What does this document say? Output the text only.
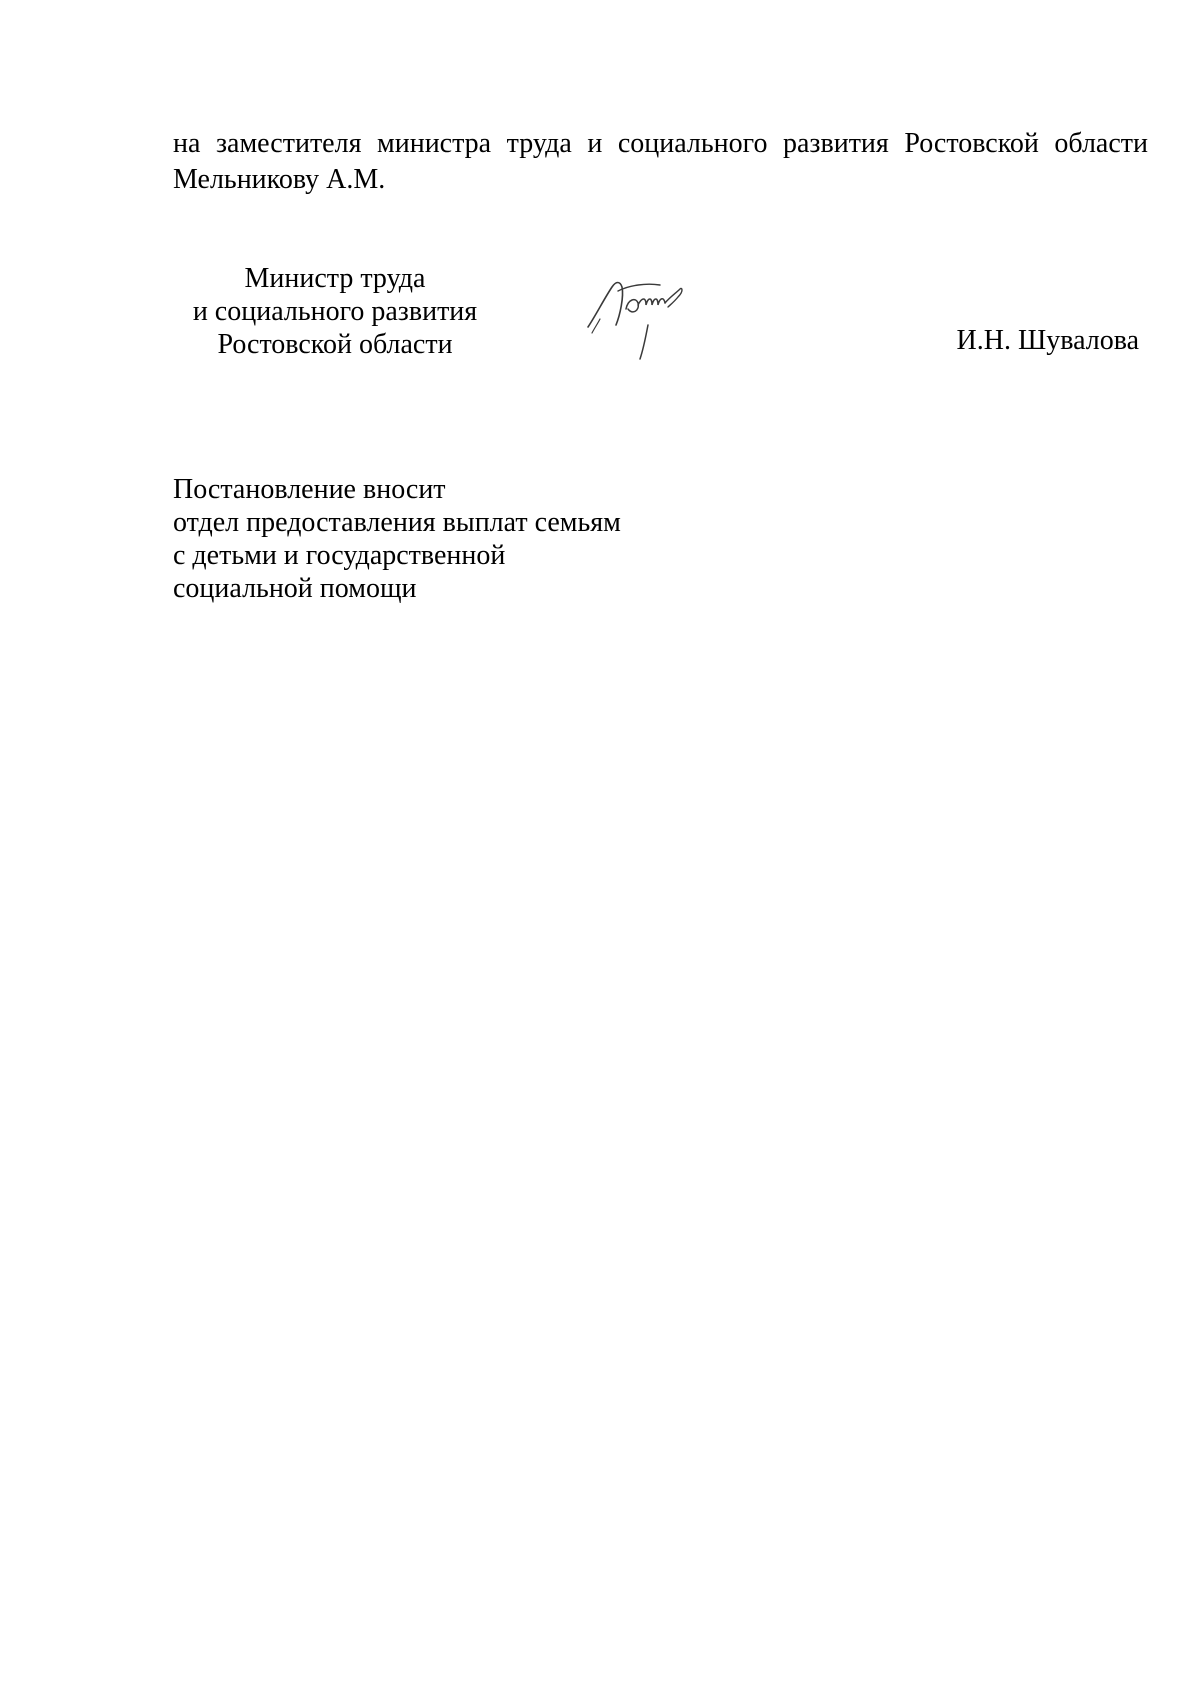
на заместителя министра труда и социального развития Ростовской области
Мельникову А.М.
Министр труда
и социального развития
Ростовской области	И.Н. Шувалова
Постановление вносит
отдел предоставления выплат семьям
с детьми и государственной
социальной помощи
